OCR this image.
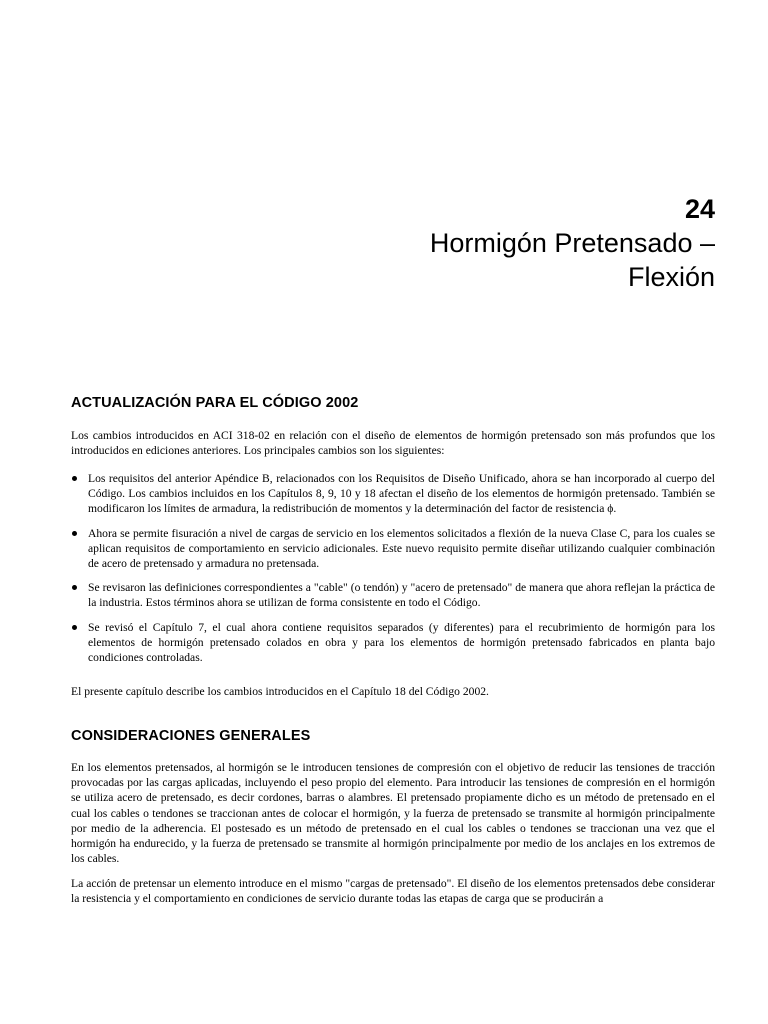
24
Hormigón Pretensado –
Flexión
ACTUALIZACIÓN PARA EL CÓDIGO 2002

Los cambios introducidos en ACI 318-02 en relación con el diseño de elementos de hormigón pretensado son más profundos que los introducidos en ediciones anteriores. Los principales cambios son los siguientes:

Los requisitos del anterior Apéndice B, relacionados con los Requisitos de Diseño Unificado, ahora se han incorporado al cuerpo del Código. Los cambios incluidos en los Capítulos 8, 9, 10 y 18 afectan el diseño de los elementos de hormigón pretensado. También se modificaron los límites de armadura, la redistribución de momentos y la determinación del factor de resistencia ϕ.
Ahora se permite fisuración a nivel de cargas de servicio en los elementos solicitados a flexión de la nueva Clase C, para los cuales se aplican requisitos de comportamiento en servicio adicionales. Este nuevo requisito permite diseñar utilizando cualquier combinación de acero de pretensado y armadura no pretensada.
Se revisaron las definiciones correspondientes a "cable" (o tendón) y "acero de pretensado" de manera que ahora reflejan la práctica de la industria. Estos términos ahora se utilizan de forma consistente en todo el Código.
Se revisó el Capítulo 7, el cual ahora contiene requisitos separados (y diferentes) para el recubrimiento de hormigón para los elementos de hormigón pretensado colados en obra y para los elementos de hormigón pretensado fabricados en planta bajo condiciones controladas.

El presente capítulo describe los cambios introducidos en el Capítulo 18 del Código 2002.

CONSIDERACIONES GENERALES

En los elementos pretensados, al hormigón se le introducen tensiones de compresión con el objetivo de reducir las tensiones de tracción provocadas por las cargas aplicadas, incluyendo el peso propio del elemento. Para introducir las tensiones de compresión en el hormigón se utiliza acero de pretensado, es decir cordones, barras o alambres. El pretensado propiamente dicho es un método de pretensado en el cual los cables o tendones se traccionan antes de colocar el hormigón, y la fuerza de pretensado se transmite al hormigón principalmente por medio de la adherencia. El postesado es un método de pretensado en el cual los cables o tendones se traccionan una vez que el hormigón ha endurecido, y la fuerza de pretensado se transmite al hormigón principalmente por medio de los anclajes en los extremos de los cables.

La acción de pretensar un elemento introduce en el mismo "cargas de pretensado". El diseño de los elementos pretensados debe considerar la resistencia y el comportamiento en condiciones de servicio durante todas las etapas de carga que se producirán a
